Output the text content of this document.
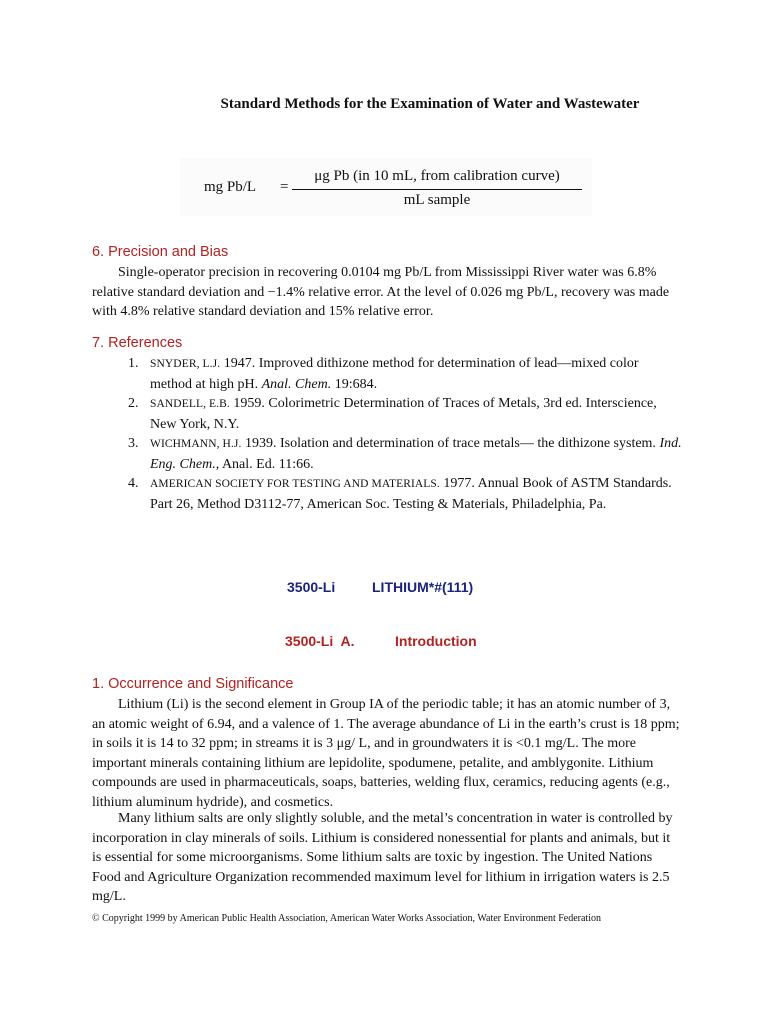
Standard Methods for the Examination of Water and Wastewater
mg Pb/L =
μg Pb (in 10 mL, from calibration curve)
mL sample
6. Precision and Bias

Single-operator precision in recovering 0.0104 mg Pb/L from Mississippi River water was 6.8% relative standard deviation and −1.4% relative error. At the level of 0.026 mg Pb/L, recovery was made with 4.8% relative standard deviation and 15% relative error.

7. References
1. SNYDER, L.J. 1947. Improved dithizone method for determination of lead—mixed color method at high pH. Anal. Chem. 19:684.
2. SANDELL, E.B. 1959. Colorimetric Determination of Traces of Metals, 3rd ed. Interscience, New York, N.Y.
3. WICHMANN, H.J. 1939. Isolation and determination of trace metals— the dithizone system. Ind. Eng. Chem., Anal. Ed. 11:66.
4. AMERICAN SOCIETY FOR TESTING AND MATERIALS. 1977. Annual Book of ASTM Standards. Part 26, Method D3112-77, American Soc. Testing & Materials, Philadelphia, Pa.
3500-Li	LITHIUM*#(111)
3500-Li  A.	Introduction
1. Occurrence and Significance

Lithium (Li) is the second element in Group IA of the periodic table; it has an atomic number of 3, an atomic weight of 6.94, and a valence of 1. The average abundance of Li in the earth’s crust is 18 ppm; in soils it is 14 to 32 ppm; in streams it is 3 μg/ L, and in groundwaters it is <0.1 mg/L. The more important minerals containing lithium are lepidolite, spodumene, petalite, and amblygonite. Lithium compounds are used in pharmaceuticals, soaps, batteries, welding flux, ceramics, reducing agents (e.g., lithium aluminum hydride), and cosmetics.

Many lithium salts are only slightly soluble, and the metal’s concentration in water is controlled by incorporation in clay minerals of soils. Lithium is considered nonessential for plants and animals, but it is essential for some microorganisms. Some lithium salts are toxic by ingestion. The United Nations Food and Agriculture Organization recommended maximum level for lithium in irrigation waters is 2.5 mg/L.

© Copyright 1999 by American Public Health Association, American Water Works Association, Water Environment Federation
